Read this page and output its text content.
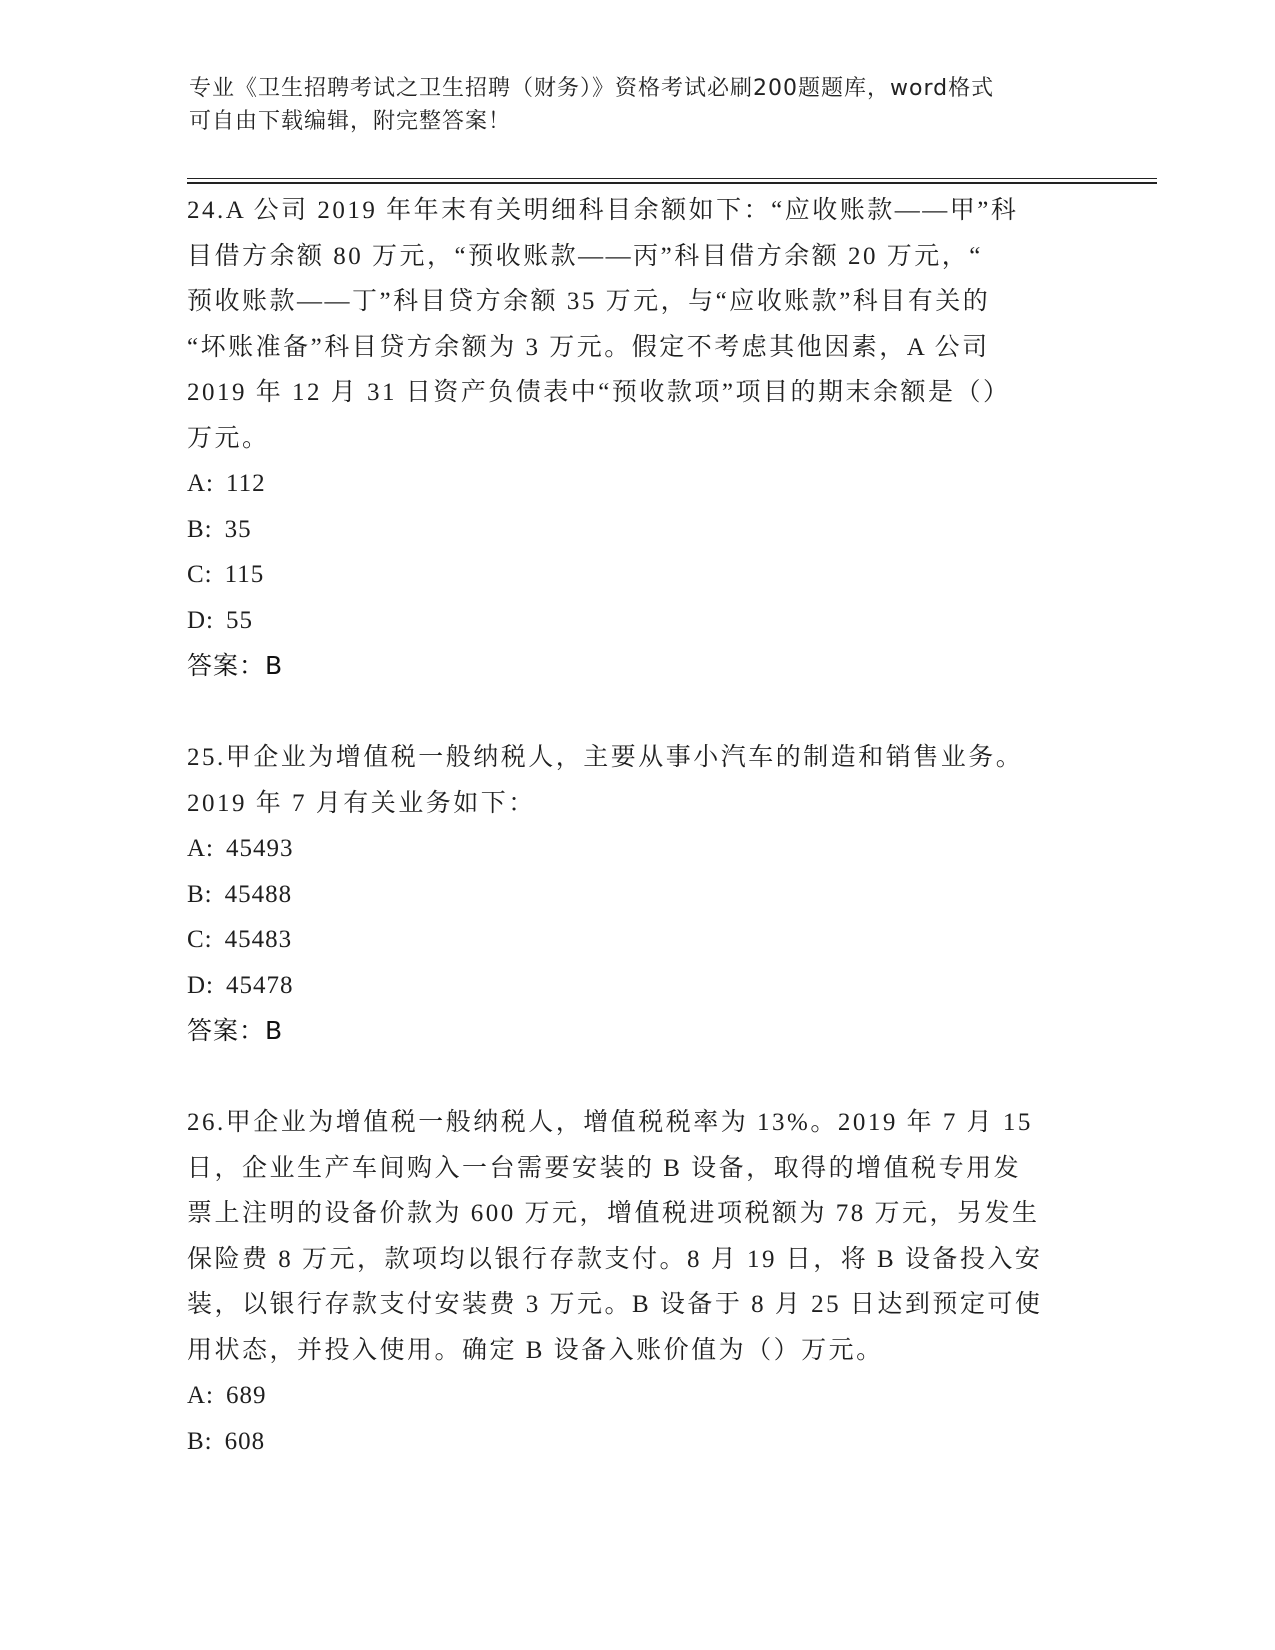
专业《卫生招聘考试之卫生招聘（财务）》资格考试必刷200题题库，word格式
可自由下载编辑，附完整答案！
24.A 公司 2019 年年末有关明细科目余额如下：“应收账款——甲”科
目借方余额 80 万元，“预收账款——丙”科目借方余额 20 万元，“
预收账款——丁”科目贷方余额 35 万元，与“应收账款”科目有关的
“坏账准备”科目贷方余额为 3 万元。假定不考虑其他因素，A 公司
2019 年 12 月 31 日资产负债表中“预收款项”项目的期末余额是（）
万元。
A: 112
B: 35
C: 115
D: 55
答案：B
25.甲企业为增值税一般纳税人，主要从事小汽车的制造和销售业务。
2019 年 7 月有关业务如下：
A: 45493
B: 45488
C: 45483
D: 45478
答案：B
26.甲企业为增值税一般纳税人，增值税税率为 13%。2019 年 7 月 15
日，企业生产车间购入一台需要安装的 B 设备，取得的增值税专用发
票上注明的设备价款为 600 万元，增值税进项税额为 78 万元，另发生
保险费 8 万元，款项均以银行存款支付。8 月 19 日，将 B 设备投入安
装，以银行存款支付安装费 3 万元。B 设备于 8 月 25 日达到预定可使
用状态，并投入使用。确定 B 设备入账价值为（）万元。
A: 689
B: 608
